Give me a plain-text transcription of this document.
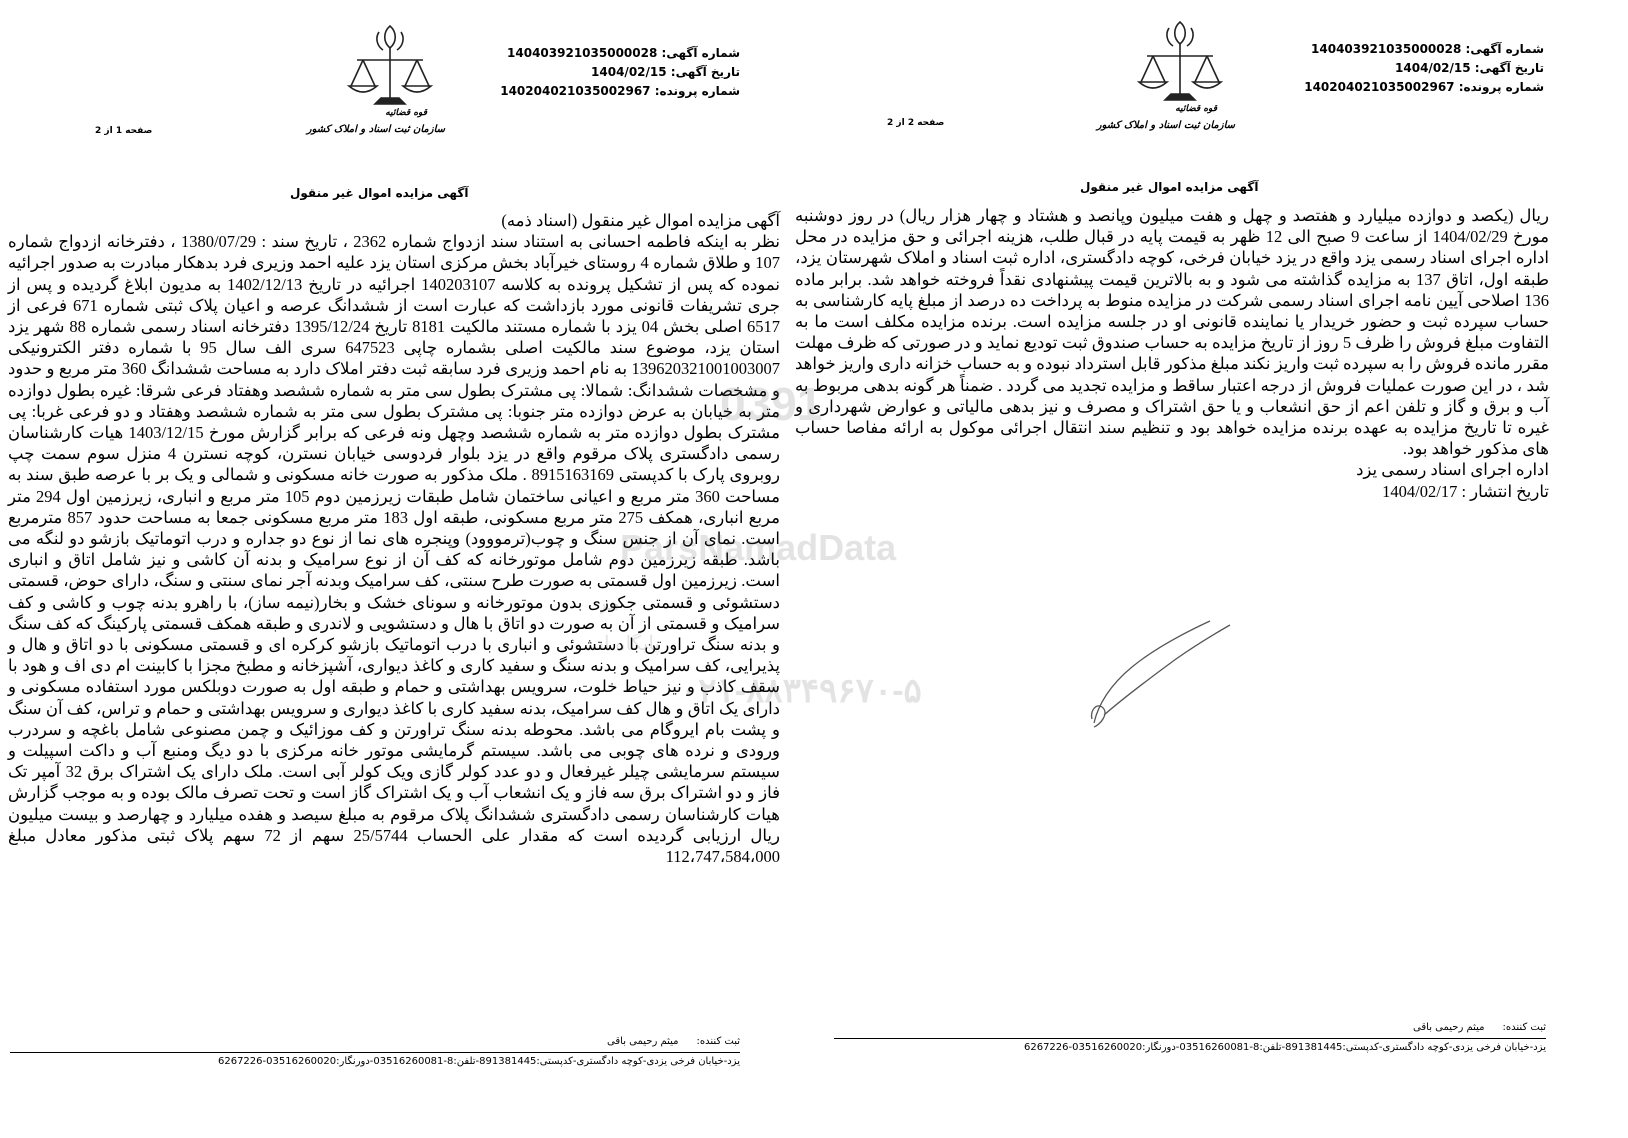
شماره آگهی: 140403921035000028
تاریخ آگهی: 1404/02/15
شماره پرونده: 140204021035002967
قوه قضائیه
سازمان ثبت اسناد و املاک کشور
صفحه 1 از 2
آگهی مزایده اموال غیر منقول

آگهی مزایده اموال غیر منقول (اسناد ذمه)

نظر به اینکه فاطمه احسانی به استناد سند ازدواج شماره 2362 ، تاریخ سند : 1380/07/29 ، دفترخانه ازدواج شماره 107 و طلاق شماره 4 روستای خیرآباد بخش مرکزی استان یزد علیه احمد وزیری فرد بدهکار مبادرت به صدور اجرائیه نموده که پس از تشکیل پرونده به کلاسه 140203107 اجرائیه در تاریخ 1402/12/13 به مدیون ابلاغ گردیده و پس از جری تشریفات قانونی مورد بازداشت که عبارت است از ششدانگ عرصه و اعیان پلاک ثبتی شماره 671 فرعی از 6517 اصلی بخش 04 یزد با شماره مستند مالکیت 8181 تاریخ 1395/12/24 دفترخانه اسناد رسمی شماره 88 شهر یزد استان یزد، موضوع سند مالکیت اصلی بشماره چاپی 647523 سری الف سال 95 با شماره دفتر الکترونیکی 139620321001003007 به نام احمد وزیری فرد سابقه ثبت دفتر املاک دارد به مساحت ششدانگ 360 متر مربع و حدود و مشخصات ششدانگ: شمالا: پی مشترک بطول سی متر به شماره ششصد وهفتاد فرعی شرقا: غیره بطول دوازده متر به خیابان به عرض دوازده متر جنوبا: پی مشترک بطول سی متر به شماره ششصد وهفتاد و دو فرعی غربا: پی مشترک بطول دوازده متر به شماره ششصد وچهل ونه فرعی که برابر گزارش مورخ 1403/12/15 هیات کارشناسان رسمی دادگستری پلاک مرقوم واقع در یزد بلوار فردوسی خیابان نسترن، کوچه نسترن 4 منزل سوم سمت چپ روبروی پارک با کدپستی 8915163169 . ملک مذکور به صورت خانه مسکونی و شمالی و یک بر با عرصه طبق سند به مساحت 360 متر مربع و اعیانی ساختمان شامل طبقات زیرزمین دوم 105 متر مربع و انباری، زیرزمین اول 294 متر مربع انباری، همکف 275 متر مربع مسکونی، طبقه اول 183 متر مربع مسکونی جمعا به مساحت حدود 857 مترمربع است. نمای آن از جنس سنگ و چوب(ترمووود) وپنجره های نما از نوع دو جداره و درب اتوماتیک بازشو دو لنگه می باشد. طبقه زیرزمین دوم شامل موتورخانه که کف آن از نوع سرامیک و بدنه آن کاشی و نیز شامل اتاق و انباری است. زیرزمین اول قسمتی به صورت طرح سنتی، کف سرامیک وبدنه آجر نمای سنتی و سنگ، دارای حوض، قسمتی دستشوئی و قسمتی جکوزی بدون موتورخانه و سونای خشک و بخار(نیمه ساز)، با راهرو بدنه چوب و کاشی و کف سرامیک و قسمتی از آن به صورت دو اتاق با هال و دستشویی و لاندری و طبقه همکف قسمتی پارکینگ که کف سنگ و بدنه سنگ تراورتن با دستشوئی و انباری با درب اتوماتیک بازشو کرکره ای و قسمتی مسکونی با دو اتاق و هال و پذیرایی، کف سرامیک و بدنه سنگ و سفید کاری و کاغذ دیواری، آشپزخانه و مطبخ مجزا با کابینت ام دی اف و هود با سقف کاذب و نیز حیاط خلوت، سرویس بهداشتی و حمام و طبقه اول به صورت دوبلکس مورد استفاده مسکونی و دارای یک اتاق و هال کف سرامیک، بدنه سفید کاری با کاغذ دیواری و سرویس بهداشتی و حمام و تراس، کف آن سنگ و پشت بام ایروگام می باشد. محوطه بدنه سنگ تراورتن و کف موزائیک و چمن مصنوعی شامل باغچه و سردرب ورودی و نرده های چوبی می باشد. سیستم گرمایشی موتور خانه مرکزی با دو دیگ ومنبع آب و داکت اسپیلت و سیستم سرمایشی چیلر غیرفعال و دو عدد کولر گازی ویک کولر آبی است. ملک دارای یک اشتراک برق 32 آمپر تک فاز و دو اشتراک برق سه فاز و یک انشعاب آب و یک اشتراک گاز است و تحت تصرف مالک بوده و به موجب گزارش هیات کارشناسان رسمی دادگستری ششدانگ پلاک مرقوم به مبلغ سیصد و هفده میلیارد و چهارصد و بیست میلیون ریال ارزیابی گردیده است که مقدار علی الحساب 25/5744 سهم از 72 سهم پلاک ثبتی مذکور معادل مبلغ 112،747،584،000

ثبت کننده:میثم رحیمی باقی
یزد-خیابان فرخی یزدی-کوچه دادگستری-کدپستی:891381445-تلفن:8-03516260081-دورنگار:03516260020-6267226
شماره آگهی: 140403921035000028
تاریخ آگهی: 1404/02/15
شماره پرونده: 140204021035002967
قوه قضائیه
سازمان ثبت اسناد و املاک کشور
صفحه 2 از 2
آگهی مزایده اموال غیر منقول

ریال (یکصد و دوازده میلیارد و هفتصد و چهل و هفت میلیون وپانصد و هشتاد و چهار هزار ریال) در روز دوشنبه مورخ 1404/02/29 از ساعت 9 صبح الی 12 ظهر به قیمت پایه در قبال طلب، هزینه اجرائی و حق مزایده در محل اداره اجرای اسناد رسمی یزد واقع در یزد خیابان فرخی، کوچه دادگستری، اداره ثبت اسناد و املاک شهرستان یزد، طبقه اول، اتاق 137 به مزایده گذاشته می شود و به بالاترین قیمت پیشنهادی نقداً فروخته خواهد شد. برابر ماده 136 اصلاحی آیین نامه اجرای اسناد رسمی شرکت در مزایده منوط به پرداخت ده درصد از مبلغ پایه کارشناسی به حساب سپرده ثبت و حضور خریدار یا نماینده قانونی او در جلسه مزایده است. برنده مزایده مکلف است ما به التفاوت مبلغ فروش را ظرف 5 روز از تاریخ مزایده به حساب صندوق ثبت تودیع نماید و در صورتی که ظرف مهلت مقرر مانده فروش را به سپرده ثبت واریز نکند مبلغ مذکور قابل استرداد نبوده و به حساب خزانه داری واریز خواهد شد ، در این صورت عملیات فروش از درجه اعتبار ساقط و مزایده تجدید می گردد . ضمناً هر گونه بدهی مربوط به آب و برق و گاز و تلفن اعم از حق انشعاب و یا حق اشتراک و مصرف و نیز بدهی مالیاتی و عوارض شهرداری و غیره تا تاریخ مزایده به عهده برنده مزایده خواهد بود و تنظیم سند انتقال اجرائی موکول به ارائه مفاصا حساب های مذکور خواهد بود.

اداره اجرای اسناد رسمی یزد

تاریخ انتشار : 1404/02/17

ثبت کننده:میثم رحیمی باقی
یزد-خیابان فرخی یزدی-کوچه دادگستری-کدپستی:891381445-تلفن:8-03516260081-دورنگار:03516260020-6267226
0391
ParsNamadData
مر
پایگاه ا
۰۲۱-۸۸۳۴۹۶۷۰-۵
